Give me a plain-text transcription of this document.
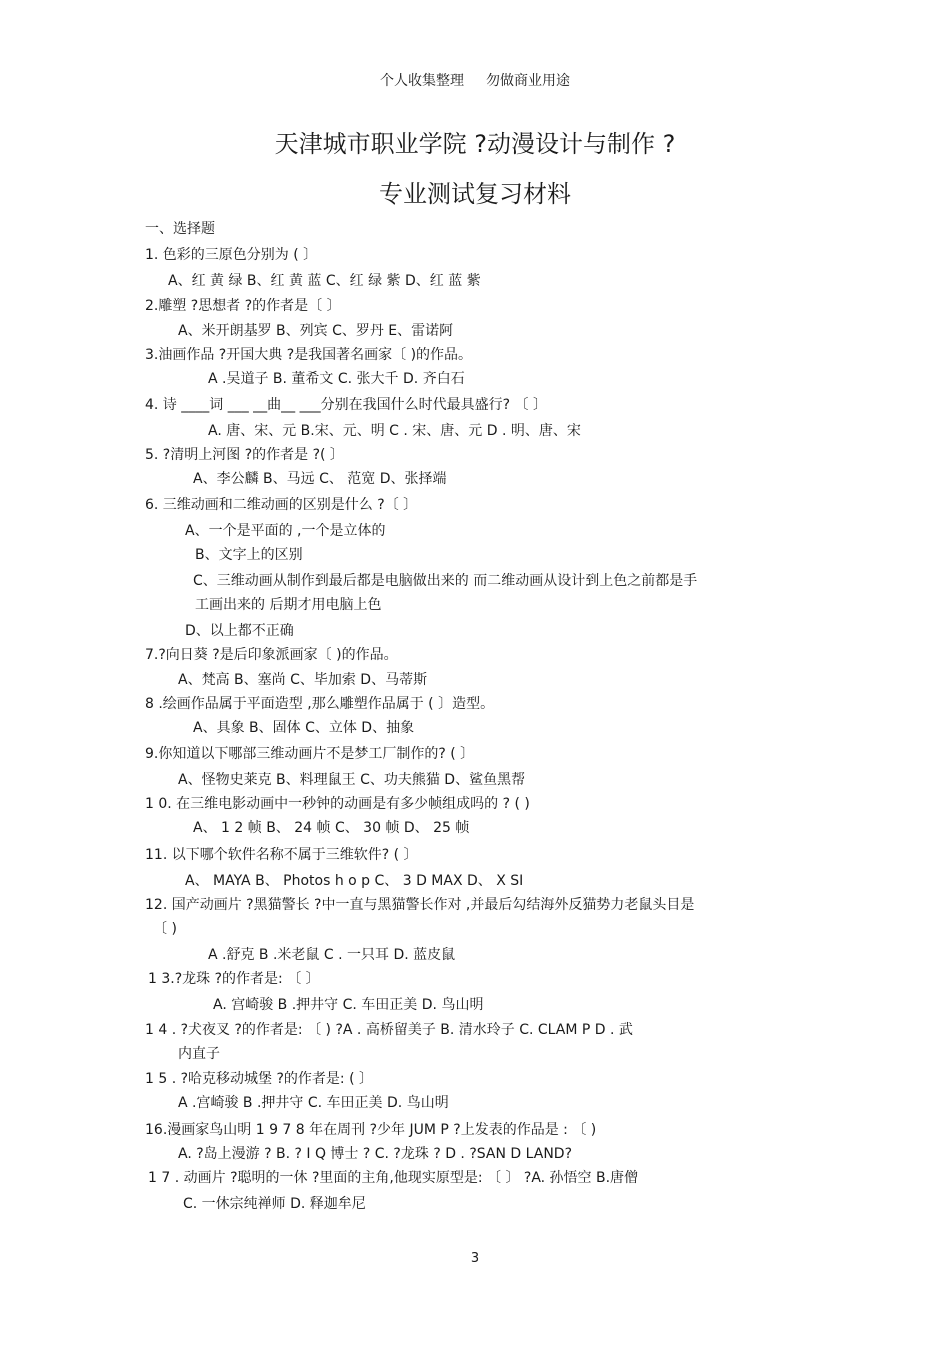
个人收集整理 勿做商业用途
天津城市职业学院 ?动漫设计与制作 ?
专业测试复习材料
一、选择题
1. 色彩的三原色分别为 ( 〕
A、红 黄 绿 B、红 黄 蓝 C、红 绿 紫 D、红 蓝 紫
2.雕塑 ?思想者 ?的作者是〔 〕
A、米开朗基罗 B、列宾 C、罗丹 E、雷诺阿
3.油画作品 ?开国大典 ?是我国著名画家〔 )的作品。
A .吴道子 B. 董希文 C. 张大千 D. 齐白石
4. 诗 ____词 ___ __曲__ ___分别在我国什么时代最具盛行? 〔 〕
A. 唐、宋、元 B.宋、元、明 C . 宋、唐、元 D . 明、唐、宋
5. ?清明上河图 ?的作者是 ?( 〕
A、李公麟 B、马远 C、 范宽 D、张择端
6. 三维动画和二维动画的区别是什么 ?〔 〕
A、一个是平面的 ,一个是立体的
B、文字上的区别
C、三维动画从制作到最后都是电脑做出来的 而二维动画从设计到上色之前都是手
工画出来的 后期才用电脑上色
D、以上都不正确
7.?向日葵 ?是后印象派画家〔 )的作品。
A、梵高 B、塞尚 C、毕加索 D、马蒂斯
8 .绘画作品属于平面造型 ,那么雕塑作品属于 ( 〕造型。
A、具象 B、固体 C、立体 D、抽象
9.你知道以下哪部三维动画片不是梦工厂制作的? ( 〕
A、怪物史莱克 B、料理鼠王 C、功夫熊猫 D、鲨鱼黑帮
1 0. 在三维电影动画中一秒钟的动画是有多少帧组成吗的 ? ( )
A、 1 2 帧 B、 24 帧 C、 30 帧 D、 25 帧
11. 以下哪个软件名称不属于三维软件? ( 〕
A、 MAYA B、 Photos h o p C、 3 D MAX D、 X SI
12. 国产动画片 ?黑猫警长 ?中一直与黑猫警长作对 ,并最后勾结海外反猫势力老鼠头目是
〔 )
A .舒克 B .米老鼠 C . 一只耳 D. 蓝皮鼠
1 3.?龙珠 ?的作者是: 〔 〕
A. 宫崎骏 B .押井守 C. 车田正美 D. 鸟山明
1 4 . ?犬夜叉 ?的作者是: 〔 ) ?A . 高桥留美子 B. 清水玲子 C. CLAM P D . 武
内直子
1 5 . ?哈克移动城堡 ?的作者是: ( 〕
A .宫崎骏 B .押井守 C. 车田正美 D. 鸟山明
16.漫画家鸟山明 1 9 7 8 年在周刊 ?少年 JUM P ?上发表的作品是 : 〔 )
A. ?岛上漫游 ? B. ? I Q 博士 ? C. ?龙珠 ? D . ?SAN D LAND?
1 7 . 动画片 ?聪明的一休 ?里面的主角,他现实原型是: 〔 〕 ?A. 孙悟空 B.唐僧
C. 一休宗纯禅师 D. 释迦牟尼
3
